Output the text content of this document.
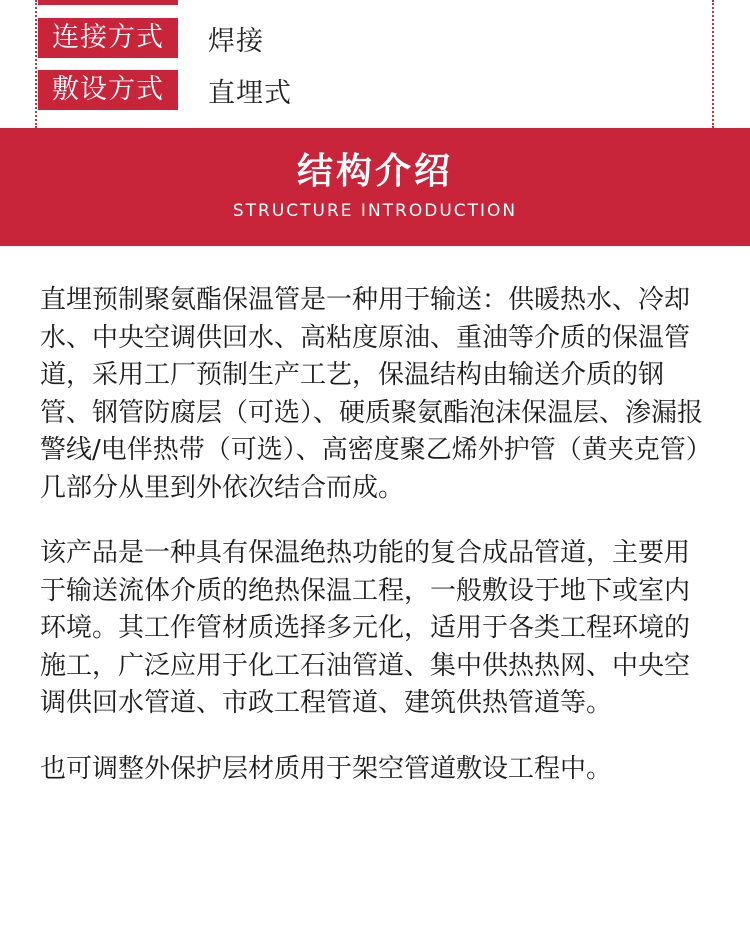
连接方式	焊接
敷设方式	直埋式
结构介绍
STRUCTURE INTRODUCTION

直埋预制聚氨酯保温管是一种用于输送：供暖热水、冷却水、中央空调供回水、高粘度原油、重油等介质的保温管道，采用工厂预制生产工艺，保温结构由输送介质的钢管、钢管防腐层（可选）、硬质聚氨酯泡沫保温层、渗漏报警线/电伴热带（可选）、高密度聚乙烯外护管（黄夹克管）几部分从里到外依次结合而成。

该产品是一种具有保温绝热功能的复合成品管道，主要用于输送流体介质的绝热保温工程，一般敷设于地下或室内环境。其工作管材质选择多元化，适用于各类工程环境的施工，广泛应用于化工石油管道、集中供热热网、中央空调供回水管道、市政工程管道、建筑供热管道等。

也可调整外保护层材质用于架空管道敷设工程中。
